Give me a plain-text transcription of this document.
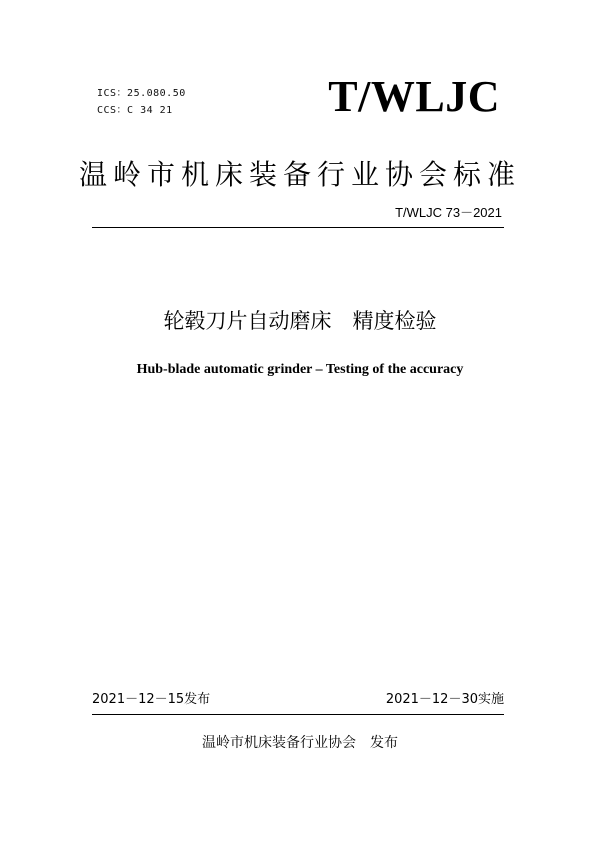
ICS：25.080.50
CCS：C 34 21	T/WLJC
温岭市机床装备行业协会标准
T/WLJC 73－2021
轮毂刀片自动磨床　精度检验
Hub-blade automatic grinder – Testing of the accuracy
2021－12－15发布	2021－12－30实施
温岭市机床装备行业协会　发布
